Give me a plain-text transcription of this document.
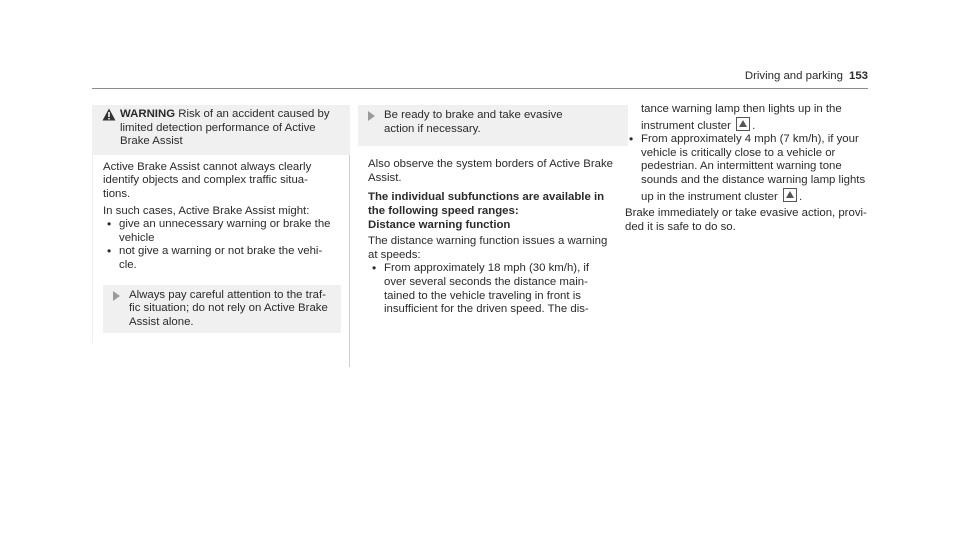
Driving and parking 153
WARNING Risk of an accident caused by
limited detection performance of Active
Brake Assist

Active Brake Assist cannot always clearly

identify objects and complex traffic situa-

tions.

In such cases, Active Brake Assist might:

• give an unnecessary warning or brake the
vehicle
• not give a warning or not brake the vehi-
cle.
Always pay careful attention to the traf-
fic situation; do not rely on Active Brake
Assist alone.
Be ready to brake and take evasive
action if necessary.

Also observe the system borders of Active Brake

Assist.

The individual subfunctions are available in

the following speed ranges:

Distance warning function

The distance warning function issues a warning

at speeds:

• From approximately 18 mph (30 km/h), if
over several seconds the distance main-
tained to the vehicle traveling in front is
insufficient for the driven speed. The dis-
tance warning lamp then lights up in the
instrument cluster .
• From approximately 4 mph (7 km/h), if your
vehicle is critically close to a vehicle or
pedestrian. An intermittent warning tone
sounds and the distance warning lamp lights
up in the instrument cluster .

Brake immediately or take evasive action, provi-

ded it is safe to do so.
